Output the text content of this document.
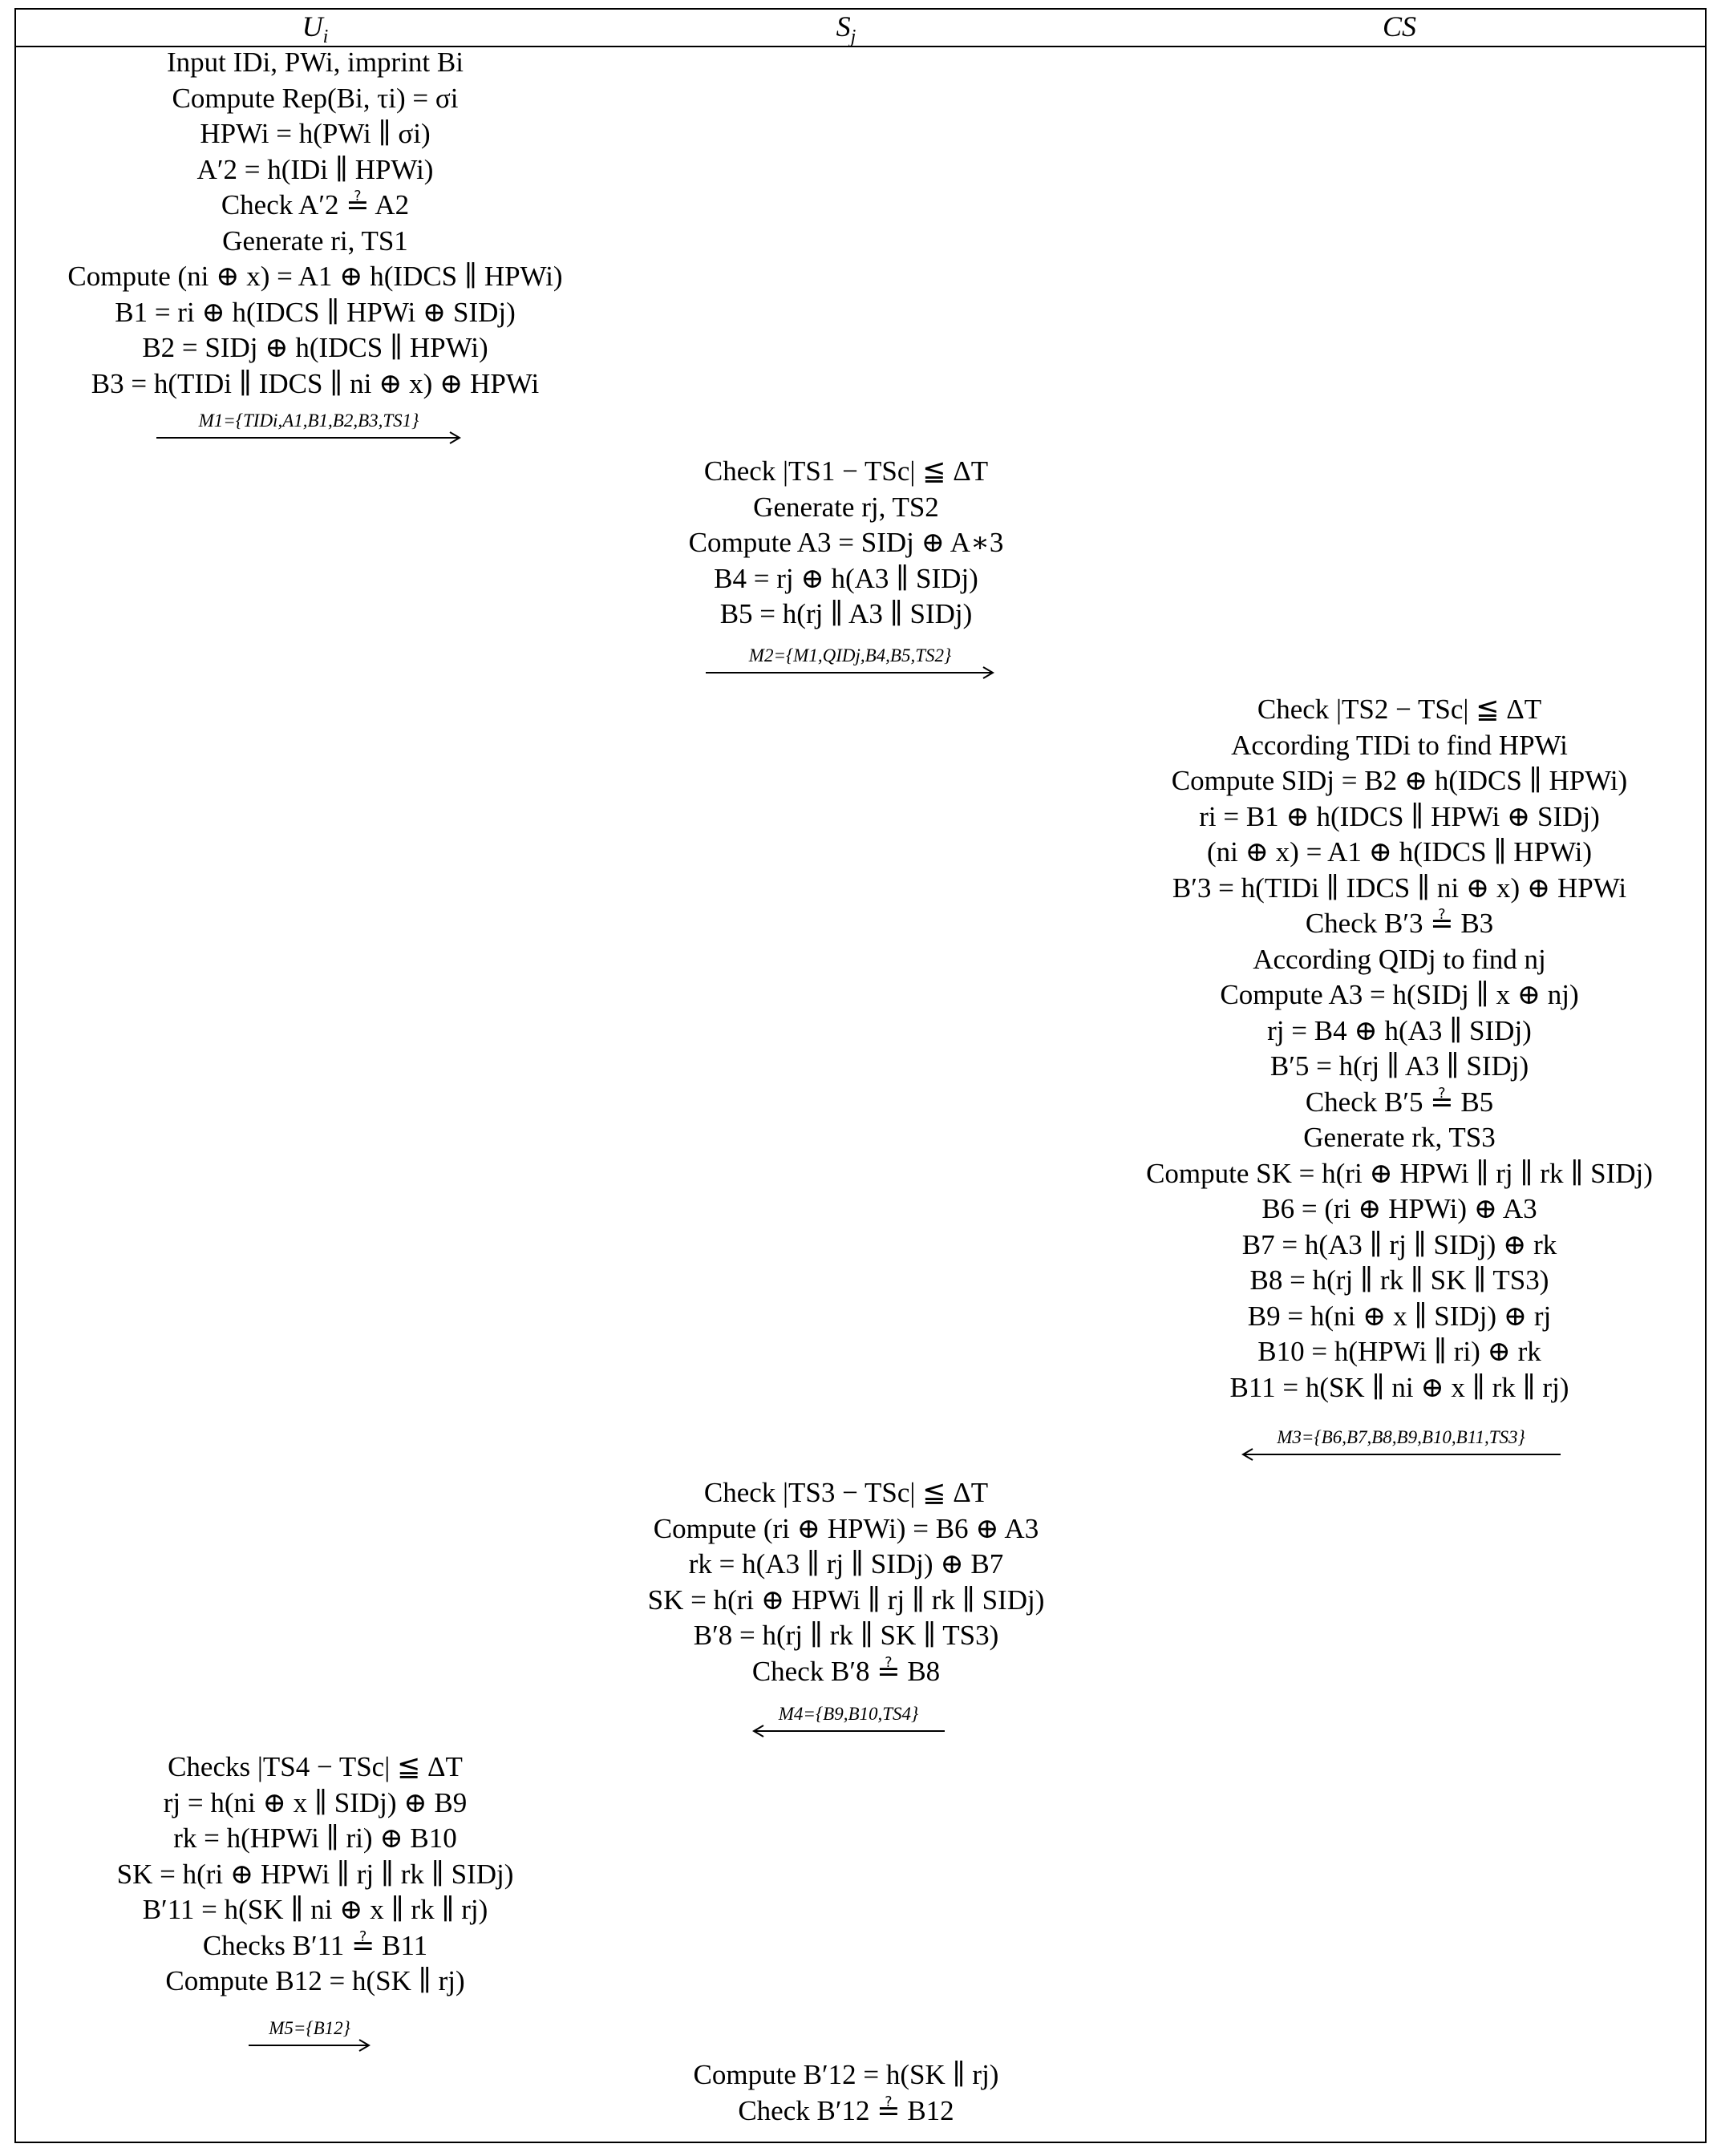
$U_i$	$S_j$	CS
Input IDi, PWi, imprint Bi
Compute Rep(Bi, τi) = σi
HPWi = h(PWi ∥ σi)
A′2 = h(IDi ∥ HPWi)
Check A′2 ≟ A2
Generate ri, TS1
Compute (ni ⊕ x) = A1 ⊕ h(IDCS ∥ HPWi)
B1 = ri ⊕ h(IDCS ∥ HPWi ⊕ SIDj)
B2 = SIDj ⊕ h(IDCS ∥ HPWi)
B3 = h(TIDi ∥ IDCS ∥ ni ⊕ x) ⊕ HPWi
M1={TIDi,A1,B1,B2,B3,TS1}
Check |TS1 − TSc| ≦ ΔT
Generate rj, TS2
Compute A3 = SIDj ⊕ A∗3
B4 = rj ⊕ h(A3 ∥ SIDj)
B5 = h(rj ∥ A3 ∥ SIDj)
M2={M1,QIDj,B4,B5,TS2}
Check |TS2 − TSc| ≦ ΔT
According TIDi to find HPWi
Compute SIDj = B2 ⊕ h(IDCS ∥ HPWi)
ri = B1 ⊕ h(IDCS ∥ HPWi ⊕ SIDj)
(ni ⊕ x) = A1 ⊕ h(IDCS ∥ HPWi)
B′3 = h(TIDi ∥ IDCS ∥ ni ⊕ x) ⊕ HPWi
Check B′3 ≟ B3
According QIDj to find nj
Compute A3 = h(SIDj ∥ x ⊕ nj)
rj = B4 ⊕ h(A3 ∥ SIDj)
B′5 = h(rj ∥ A3 ∥ SIDj)
Check B′5 ≟ B5
Generate rk, TS3
Compute SK = h(ri ⊕ HPWi ∥ rj ∥ rk ∥ SIDj)
B6 = (ri ⊕ HPWi) ⊕ A3
B7 = h(A3 ∥ rj ∥ SIDj) ⊕ rk
B8 = h(rj ∥ rk ∥ SK ∥ TS3)
B9 = h(ni ⊕ x ∥ SIDj) ⊕ rj
B10 = h(HPWi ∥ ri) ⊕ rk
B11 = h(SK ∥ ni ⊕ x ∥ rk ∥ rj)
M3={B6,B7,B8,B9,B10,B11,TS3}
Check |TS3 − TSc| ≦ ΔT
Compute (ri ⊕ HPWi) = B6 ⊕ A3
rk = h(A3 ∥ rj ∥ SIDj) ⊕ B7
SK = h(ri ⊕ HPWi ∥ rj ∥ rk ∥ SIDj)
B′8 = h(rj ∥ rk ∥ SK ∥ TS3)
Check B′8 ≟ B8
M4={B9,B10,TS4}
Checks |TS4 − TSc| ≦ ΔT
rj = h(ni ⊕ x ∥ SIDj) ⊕ B9
rk = h(HPWi ∥ ri) ⊕ B10
SK = h(ri ⊕ HPWi ∥ rj ∥ rk ∥ SIDj)
B′11 = h(SK ∥ ni ⊕ x ∥ rk ∥ rj)
Checks B′11 ≟ B11
Compute B12 = h(SK ∥ rj)
M5={B12}
Compute B′12 = h(SK ∥ rj)
Check B′12 ≟ B12
